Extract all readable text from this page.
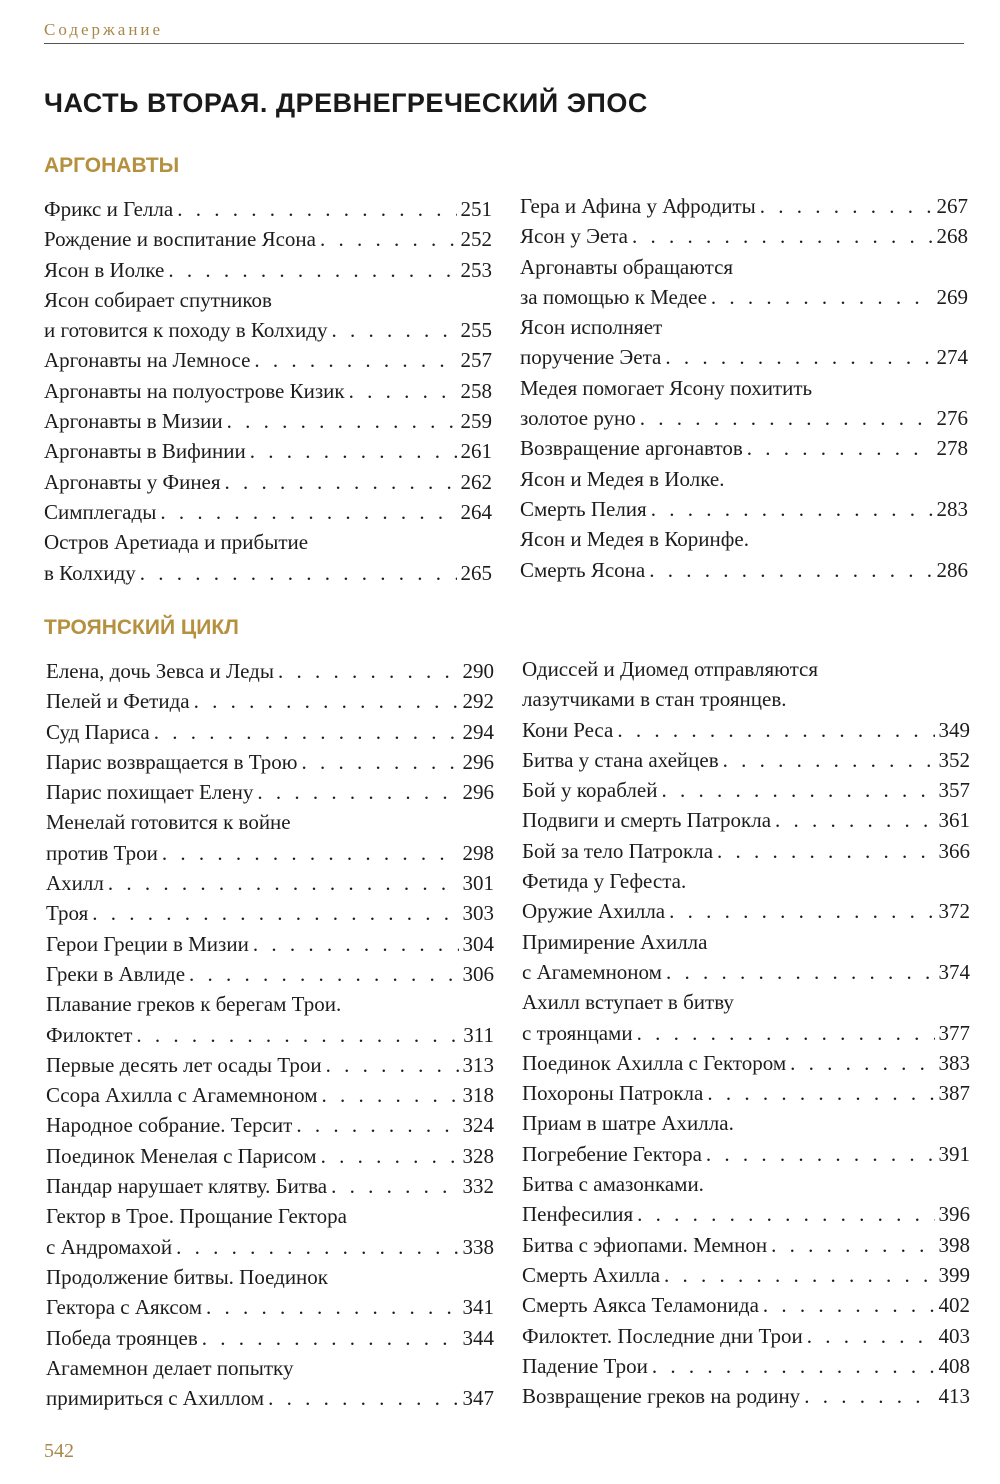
Содержание
ЧАСТЬ ВТОРАЯ. ДРЕВНЕГРЕЧЕСКИЙ ЭПОС
АРГОНАВТЫ
Фрикс и Гелла . . .	251
Рождение и воспитание Ясона . . .	252
Ясон в Иолке . . .	253
Ясон собирает спутников
и готовится к походу в Колхиду . . .	255
Аргонавты на Лемносе . . .	257
Аргонавты на полуострове Кизик . . .	258
Аргонавты в Мизии . . .	259
Аргонавты в Вифинии . . .	261
Аргонавты у Финея . . .	262
Симплегады . . .	264
Остров Аретиада и прибытие
в Колхиду . . .	265
Гера и Афина у Афродиты . . .	267
Ясон у Эета . . .	268
Аргонавты обращаются
за помощью к Медее . . .	269
Ясон исполняет
поручение Эета . . .	274
Медея помогает Ясону похитить
золотое руно . . .	276
Возвращение аргонавтов . . .	278
Ясон и Медея в Иолке.
Смерть Пелия . . .	283
Ясон и Медея в Коринфе.
Смерть Ясона . . .	286
ТРОЯНСКИЙ ЦИКЛ
Елена, дочь Зевса и Леды . . .	290
Пелей и Фетида . . .	292
Суд Париса . . .	294
Парис возвращается в Трою . . .	296
Парис похищает Елену . . .	296
Менелай готовится к войне
против Трои . . .	298
Ахилл . . .	301
Троя . . .	303
Герои Греции в Мизии . . .	304
Греки в Авлиде . . .	306
Плавание греков к берегам Трои.
Филоктет . . .	311
Первые десять лет осады Трои . . .	313
Ссора Ахилла с Агамемноном . . .	318
Народное собрание. Терсит . . .	324
Поединок Менелая с Парисом . . .	328
Пандар нарушает клятву. Битва . . .	332
Гектор в Трое. Прощание Гектора
с Андромахой . . .	338
Продолжение битвы. Поединок
Гектора с Аяксом . . .	341
Победа троянцев . . .	344
Агамемнон делает попытку
примириться с Ахиллом . . .	347
Одиссей и Диомед отправляются
лазутчиками в стан троянцев.
Кони Реса . . .	349
Битва у стана ахейцев . . .	352
Бой у кораблей . . .	357
Подвиги и смерть Патрокла . . .	361
Бой за тело Патрокла . . .	366
Фетида у Гефеста.
Оружие Ахилла . . .	372
Примирение Ахилла
с Агамемноном . . .	374
Ахилл вступает в битву
с троянцами . . .	377
Поединок Ахилла с Гектором . . .	383
Похороны Патрокла . . .	387
Приам в шатре Ахилла.
Погребение Гектора . . .	391
Битва с амазонками.
Пенфесилия . . .	396
Битва с эфиопами. Мемнон . . .	398
Смерть Ахилла . . .	399
Смерть Аякса Теламонида . . .	402
Филоктет. Последние дни Трои . . .	403
Падение Трои . . .	408
Возвращение греков на родину . . .	413
542
